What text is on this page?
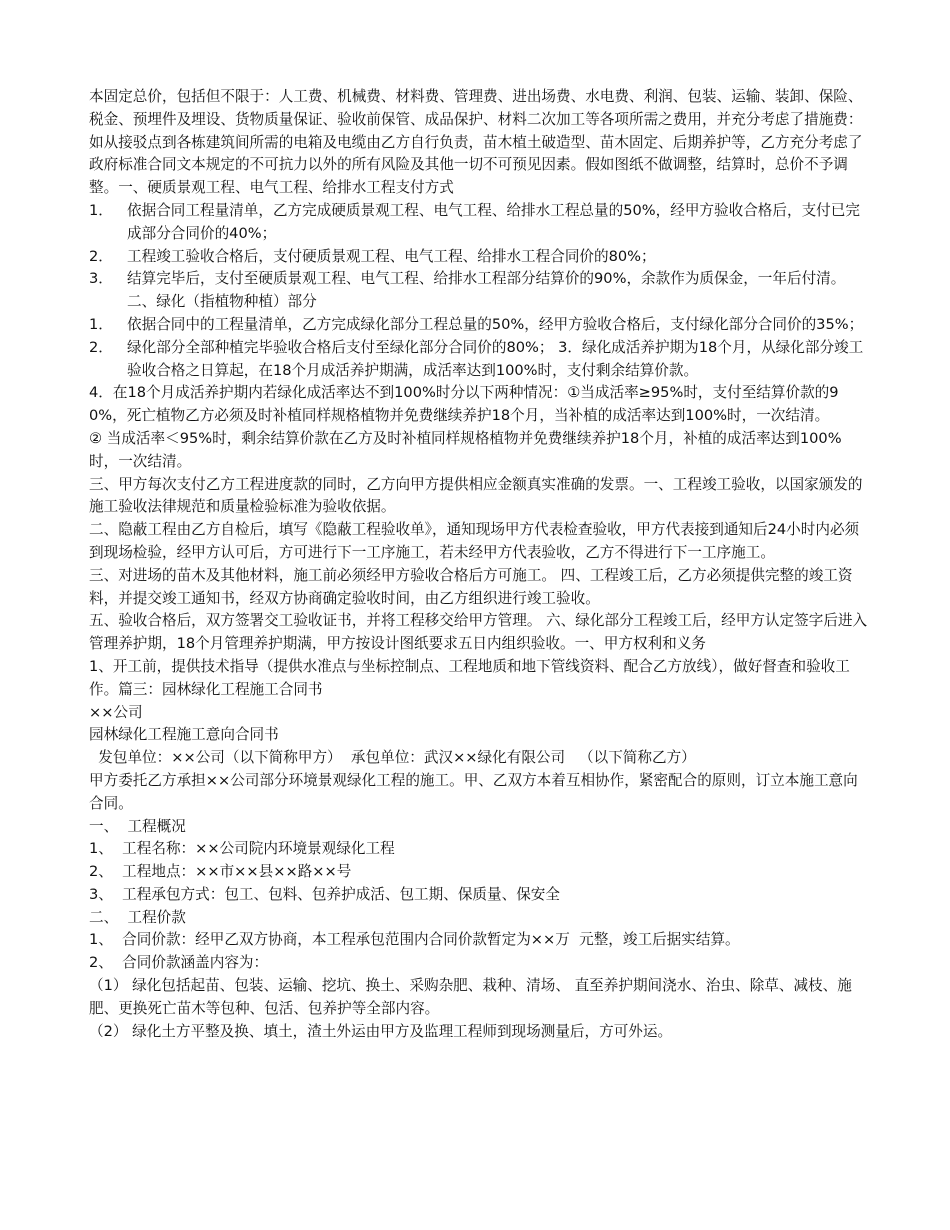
本固定总价，包括但不限于：人工费、机械费、材料费、管理费、进出场费、水电费、利润、包装、运输、装卸、保险、税金、预埋件及埋设、货物质量保证、验收前保管、成品保护、材料二次加工等各项所需之费用，并充分考虑了措施费：如从接驳点到各栋建筑间所需的电箱及电缆由乙方自行负责，苗木植土破造型、苗木固定、后期养护等，乙方充分考虑了政府标准合同文本规定的不可抗力以外的所有风险及其他一切不可预见因素。假如图纸不做调整，结算时，总价不予调整。一、硬质景观工程、电气工程、给排水工程支付方式

1． 依据合同工程量清单，乙方完成硬质景观工程、电气工程、给排水工程总量的50%，经甲方验收合格后，支付已完成部分合同价的40%；
2． 工程竣工验收合格后，支付硬质景观工程、电气工程、给排水工程合同价的80%；
3． 结算完毕后，支付至硬质景观工程、电气工程、给排水工程部分结算价的90%，余款作为质保金，一年后付清。 二、绿化（指植物种植）部分
1． 依据合同中的工程量清单，乙方完成绿化部分工程总量的50%，经甲方验收合格后，支付绿化部分合同价的35%；
2． 绿化部分全部种植完毕验收合格后支付至绿化部分合同价的80%； 3．绿化成活养护期为18个月，从绿化部分竣工验收合格之日算起，在18个月成活养护期满，成活率达到100%时，支付剩余结算价款。

4．在18个月成活养护期内若绿化成活率达不到100%时分以下两种情况：①当成活率≥95%时，支付至结算价款的90%，死亡植物乙方必须及时补植同样规格植物并免费继续养护18个月，当补植的成活率达到100%时，一次结清。

② 当成活率＜95%时，剩余结算价款在乙方及时补植同样规格植物并免费继续养护18个月，补植的成活率达到100%时，一次结清。

三、甲方每次支付乙方工程进度款的同时，乙方向甲方提供相应金额真实准确的发票。一、工程竣工验收，以国家颁发的施工验收法律规范和质量检验标准为验收依据。

二、隐蔽工程由乙方自检后，填写《隐蔽工程验收单》，通知现场甲方代表检查验收，甲方代表接到通知后24小时内必须到现场检验，经甲方认可后，方可进行下一工序施工，若未经甲方代表验收，乙方不得进行下一工序施工。

三、对进场的苗木及其他材料，施工前必须经甲方验收合格后方可施工。 四、工程竣工后，乙方必须提供完整的竣工资料，并提交竣工通知书，经双方协商确定验收时间，由乙方组织进行竣工验收。

五、验收合格后，双方签署交工验收证书，并将工程移交给甲方管理。 六、绿化部分工程竣工后，经甲方认定签字后进入管理养护期，18个月管理养护期满，甲方按设计图纸要求五日内组织验收。一、甲方权利和义务

1、开工前，提供技术指导（提供水准点与坐标控制点、工程地质和地下管线资料、配合乙方放线），做好督查和验收工作。篇三：园林绿化工程施工合同书

××公司

园林绿化工程施工意向合同书

发包单位：××公司（以下简称甲方）  承包单位：武汉××绿化有限公司   （以下简称乙方）

甲方委托乙方承担××公司部分环境景观绿化工程的施工。甲、乙双方本着互相协作，紧密配合的原则，订立本施工意向合同。

一、  工程概况

1、  工程名称：××公司院内环境景观绿化工程

2、  工程地点：××市××县××路××号

3、  工程承包方式：包工、包料、包养护成活、包工期、保质量、保安全

二、  工程价款

1、  合同价款：经甲乙双方协商，本工程承包范围内合同价款暂定为××万  元整，竣工后据实结算。

2、  合同价款涵盖内容为：

（1） 绿化包括起苗、包装、运输、挖坑、换土、采购杂肥、栽种、清场、 直至养护期间浇水、治虫、除草、减枝、施肥、更换死亡苗木等包种、包活、包养护等全部内容。

（2） 绿化土方平整及换、填土，渣土外运由甲方及监理工程师到现场测量后，方可外运。
